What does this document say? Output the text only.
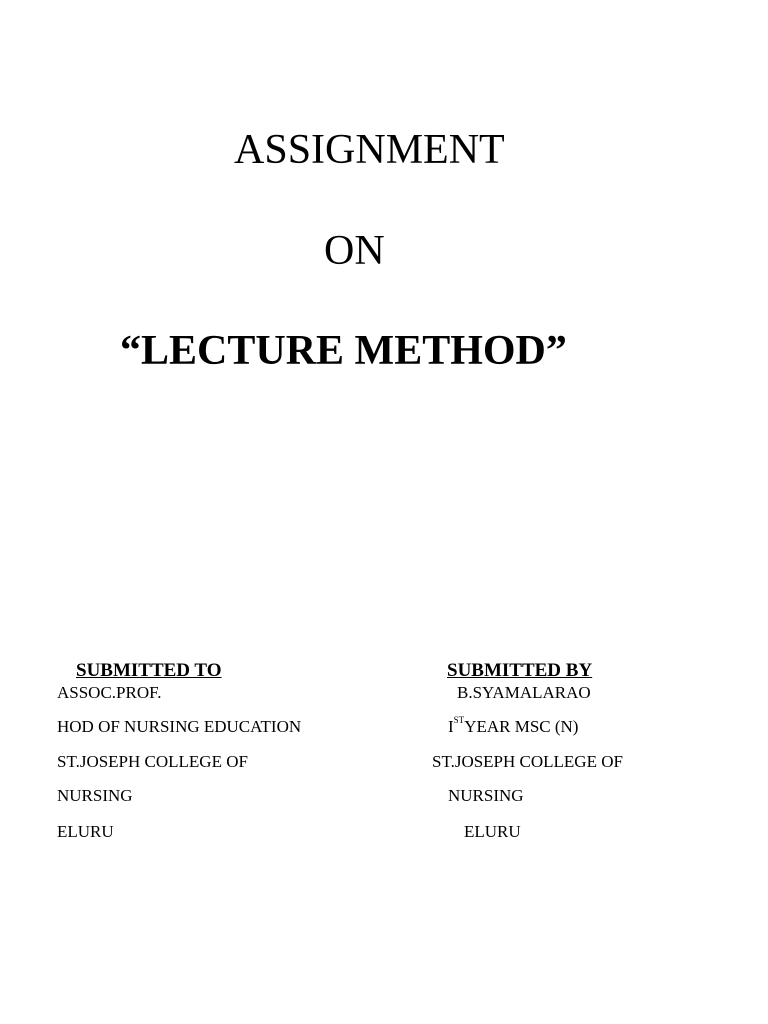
ASSIGNMENT
ON
“LECTURE METHOD”

SUBMITTED TO

ASSOC.PROF.

HOD OF NURSING EDUCATION

ST.JOSEPH COLLEGE OF

NURSING

ELURU

SUBMITTED BY

B.SYAMALARAO

ISTYEAR MSC (N)

ST.JOSEPH COLLEGE OF

NURSING

ELURU
